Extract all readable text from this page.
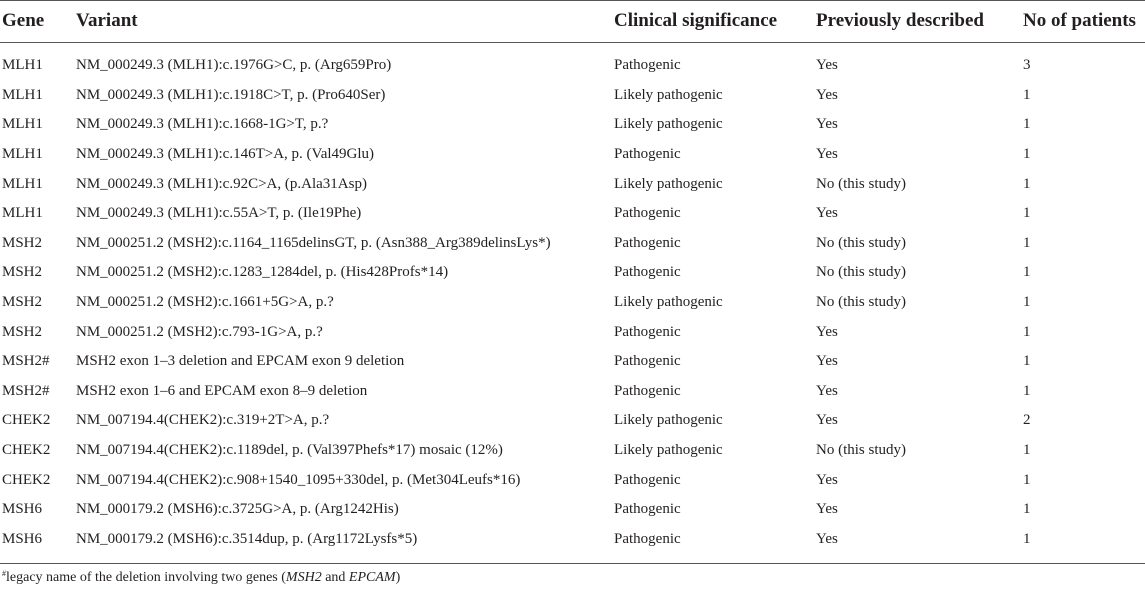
Gene	Variant	Clinical significance	Previously described	No of patients
MLH1	NM_000249.3 (MLH1):c.1976G>C, p. (Arg659Pro)	Pathogenic	Yes	3
MLH1	NM_000249.3 (MLH1):c.1918C>T, p. (Pro640Ser)	Likely pathogenic	Yes	1
MLH1	NM_000249.3 (MLH1):c.1668-1G>T, p.?	Likely pathogenic	Yes	1
MLH1	NM_000249.3 (MLH1):c.146T>A, p. (Val49Glu)	Pathogenic	Yes	1
MLH1	NM_000249.3 (MLH1):c.92C>A, (p.Ala31Asp)	Likely pathogenic	No (this study)	1
MLH1	NM_000249.3 (MLH1):c.55A>T, p. (Ile19Phe)	Pathogenic	Yes	1
MSH2	NM_000251.2 (MSH2):c.1164_1165delinsGT, p. (Asn388_Arg389delinsLys*)	Pathogenic	No (this study)	1
MSH2	NM_000251.2 (MSH2):c.1283_1284del, p. (His428Profs*14)	Pathogenic	No (this study)	1
MSH2	NM_000251.2 (MSH2):c.1661+5G>A, p.?	Likely pathogenic	No (this study)	1
MSH2	NM_000251.2 (MSH2):c.793-1G>A, p.?	Pathogenic	Yes	1
MSH2#	MSH2 exon 1–3 deletion and EPCAM exon 9 deletion	Pathogenic	Yes	1
MSH2#	MSH2 exon 1–6 and EPCAM exon 8–9 deletion	Pathogenic	Yes	1
CHEK2	NM_007194.4(CHEK2):c.319+2T>A, p.?	Likely pathogenic	Yes	2
CHEK2	NM_007194.4(CHEK2):c.1189del, p. (Val397Phefs*17) mosaic (12%)	Likely pathogenic	No (this study)	1
CHEK2	NM_007194.4(CHEK2):c.908+1540_1095+330del, p. (Met304Leufs*16)	Pathogenic	Yes	1
MSH6	NM_000179.2 (MSH6):c.3725G>A, p. (Arg1242His)	Pathogenic	Yes	1
MSH6	NM_000179.2 (MSH6):c.3514dup, p. (Arg1172Lysfs*5)	Pathogenic	Yes	1
#legacy name of the deletion involving two genes (MSH2 and EPCAM)
